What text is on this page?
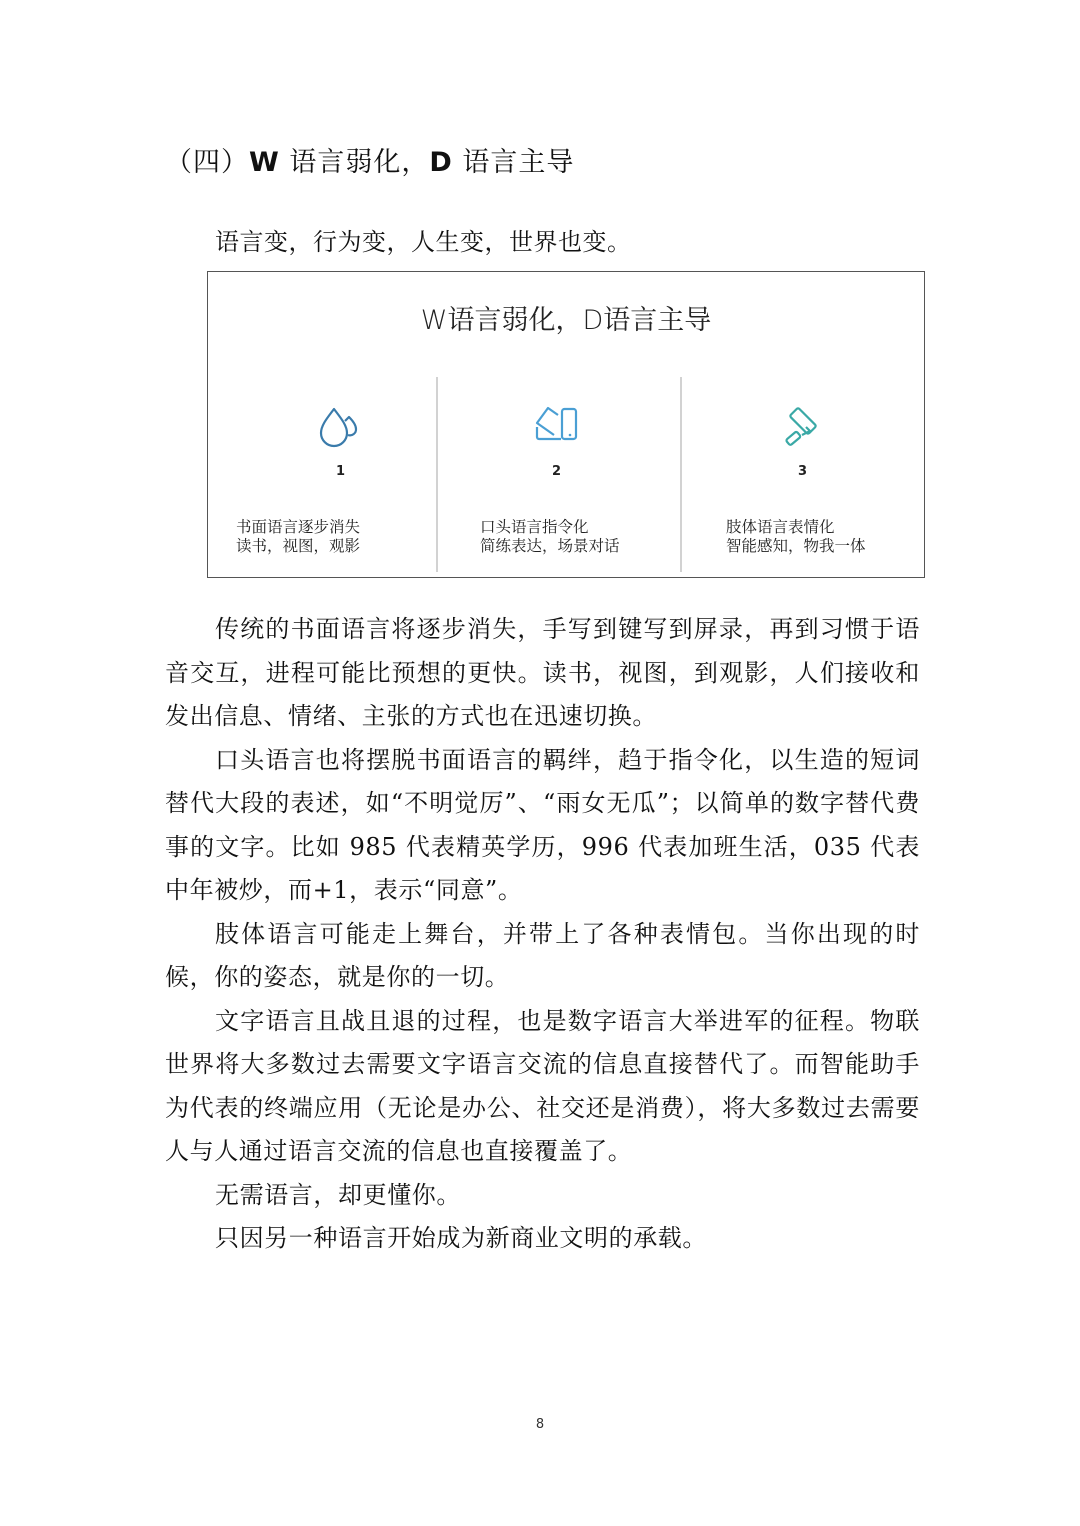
（四）W 语言弱化，D 语言主导
语言变，行为变，人生变，世界也变。
W语言弱化，D语言主导
1
书面语言逐步消失
读书，视图，观影
2
口头语言指令化
简练表达，场景对话
3
肢体语言表情化
智能感知，物我一体

传统的书面语言将逐步消失，手写到键写到屏录，再到习惯于语音交互，进程可能比预想的更快。读书，视图，到观影，人们接收和发出信息、情绪、主张的方式也在迅速切换。

口头语言也将摆脱书面语言的羁绊，趋于指令化，以生造的短词替代大段的表述，如“不明觉厉”、“雨女无瓜”；以简单的数字替代费事的文字。比如 985 代表精英学历，996 代表加班生活，035 代表中年被炒，而+1，表示“同意”。

肢体语言可能走上舞台，并带上了各种表情包。当你出现的时候，你的姿态，就是你的一切。

文字语言且战且退的过程，也是数字语言大举进军的征程。物联世界将大多数过去需要文字语言交流的信息直接替代了。而智能助手为代表的终端应用（无论是办公、社交还是消费），将大多数过去需要人与人通过语言交流的信息也直接覆盖了。

无需语言，却更懂你。

只因另一种语言开始成为新商业文明的承载。

8
